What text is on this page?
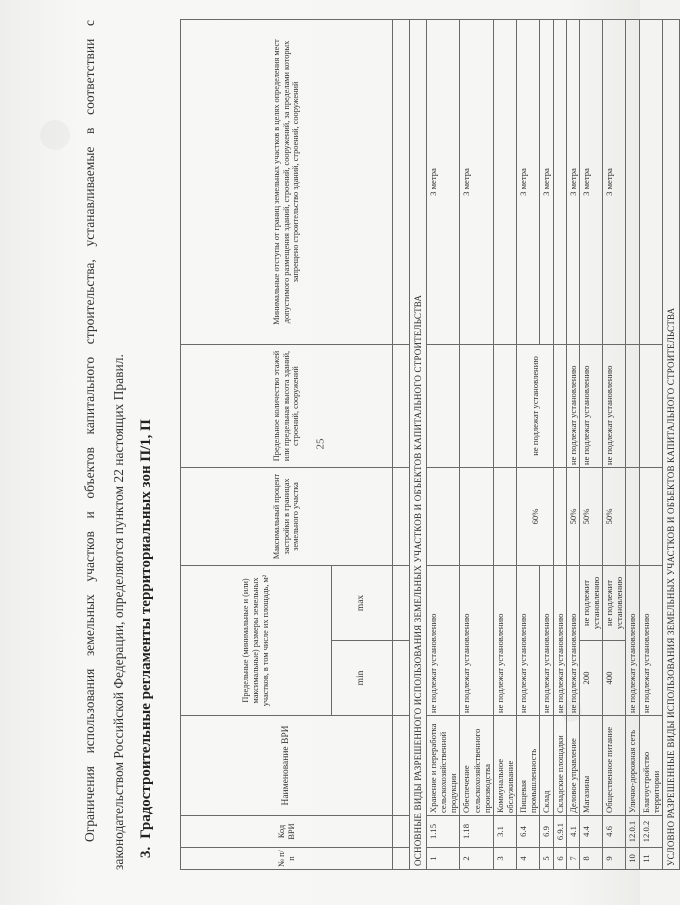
25
Ограничения использования земельных участков и объектов капитального строительства, устанавливаемые в соответствии с законодательством Российской Федерации, определяются пунктом 22 настоящих Правил. 3.Градостроительные регламенты территориальных зон П/1, П
№ п/п	Код ВРИ	Наименование ВРИ	Предельные (минимальные и (или) максимальные) размеры земельных участков, в том числе их площадь, м²		Максимальный процент застройки в границах земельного участка	Предельное количество этажей или предельная высота зданий, строений, сооружений	Минимальные отступы от границ земельных участков в целях определения мест допустимого размещения зданий, строений, сооружений, за пределами которых запрещено строительство зданий, строений, сооружений
			min	max			

ОСНОВНЫЕ ВИДЫ РАЗРЕШЕННОГО ИСПОЛЬЗОВАНИЯ ЗЕМЕЛЬНЫХ УЧАСТКОВ И ОБЪЕКТОВ КАПИТАЛЬНОГО СТРОИТЕЛЬСТВА							
1	1.15	Хранение и переработка сельскохозяйственной продукции	не подлежат установлению				3 метра
2	1.18	Обеспечение сельскохозяйственного производства	не подлежат установлению				3 метра
3	3.1	Коммунальное обслуживание	не подлежат установлению				
4	6.4	Пищевая промышленность	не подлежат установлению		60%	не подлежат установлению	3 метра
5	6.9	Склад	не подлежат установлению				3 метра
6	6.9.1	Складские площадки	не подлежат установлению				
7	4.1	Деловое управление	не подлежат установлению		50%	не подлежат установлению	3 метра
8	4.4	Магазины	200	не подлежит установлению	50%	не подлежат установлению	3 метра
9	4.6	Общественное питание	400	не подлежит установлению	50%	не подлежат установлению	3 метра
10	12.0.1	Улично-дорожная сеть	не подлежат установлению				
11	12.0.2	Благоустройство территории	не подлежат установлению				
УСЛОВНО РАЗРЕШЕННЫЕ ВИДЫ ИСПОЛЬЗОВАНИЯ ЗЕМЕЛЬНЫХ УЧАСТКОВ И ОБЪЕКТОВ КАПИТАЛЬНОГО СТРОИТЕЛЬСТВА							
